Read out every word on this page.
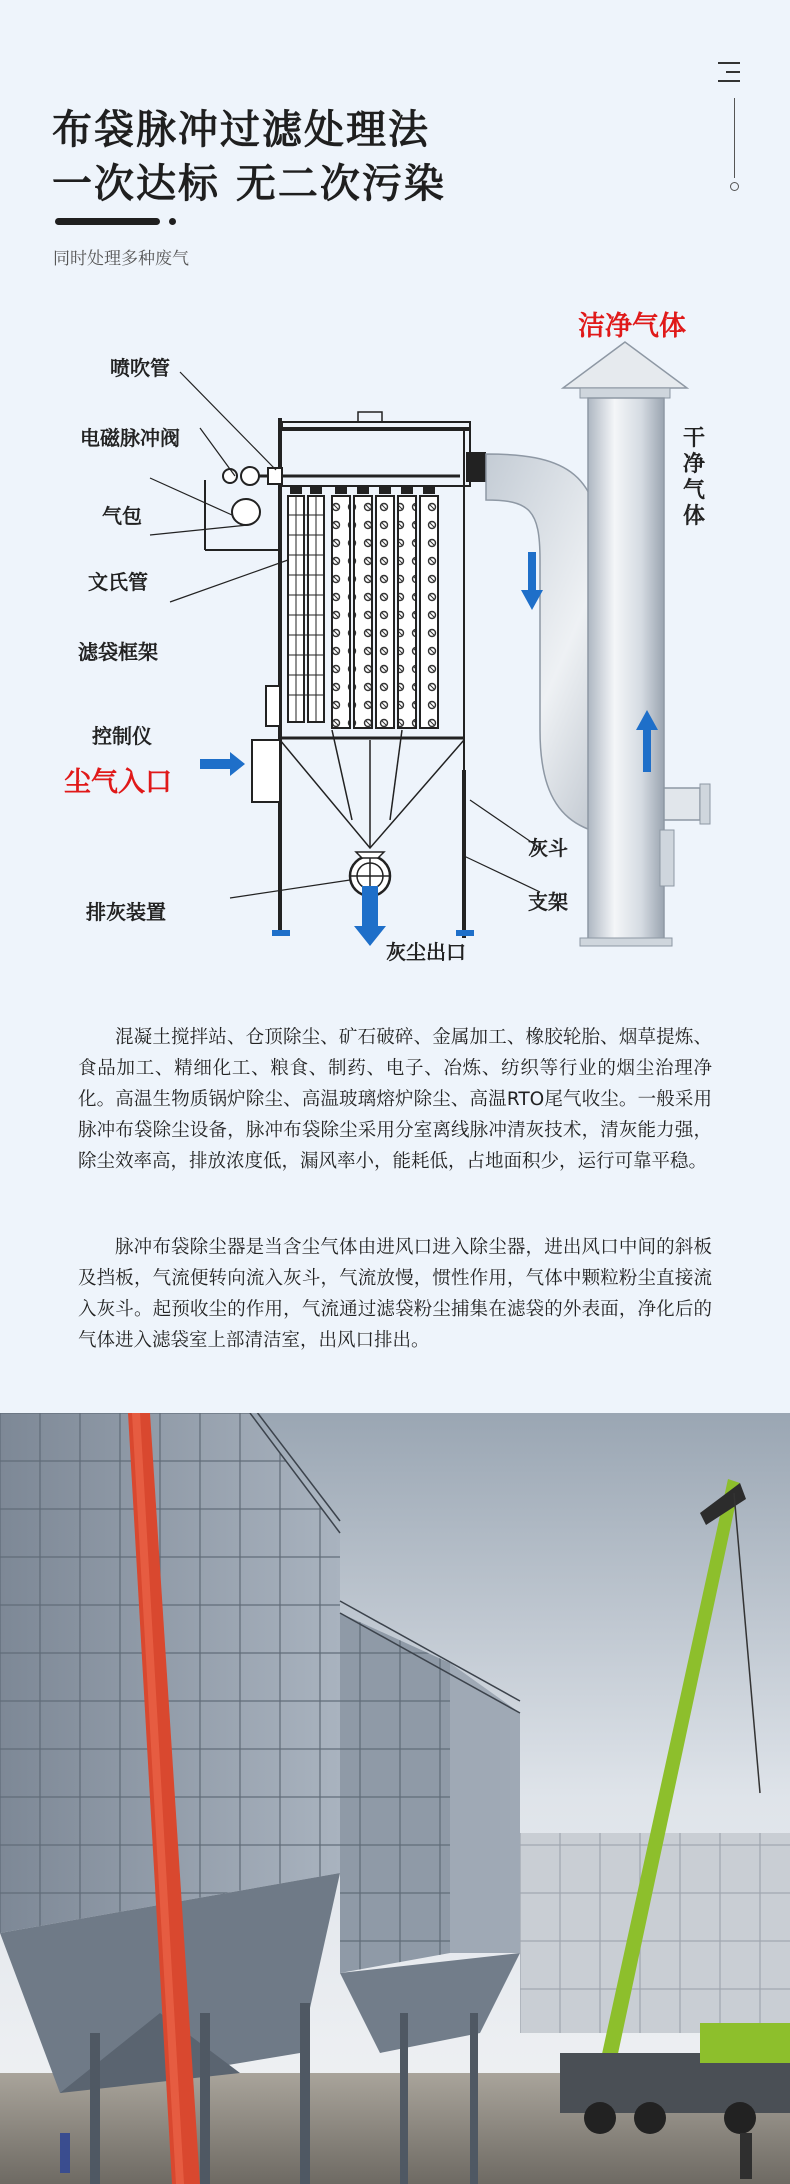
布袋脉冲过滤处理法
一次达标 无二次污染
同时处理多种废气
喷吹管
电磁脉冲阀
气包
文氏管
滤袋框架
控制仪
尘气入口
灰斗
支架
排灰装置
灰尘出口
洁净气体
干净气体
混凝土搅拌站、仓顶除尘、矿石破碎、金属加工、橡胶轮胎、烟草提炼、食品加工、精细化工、粮食、制药、电子、冶炼、纺织等行业的烟尘治理净化。高温生物质锅炉除尘、高温玻璃熔炉除尘、高温RTO尾气收尘。一般采用脉冲布袋除尘设备，脉冲布袋除尘采用分室离线脉冲清灰技术，清灰能力强，除尘效率高，排放浓度低，漏风率小，能耗低，占地面积少，运行可靠平稳。
脉冲布袋除尘器是当含尘气体由进风口进入除尘器，进出风口中间的斜板及挡板，气流便转向流入灰斗，气流放慢，惯性作用，气体中颗粒粉尘直接流入灰斗。起预收尘的作用，气流通过滤袋粉尘捕集在滤袋的外表面，净化后的气体进入滤袋室上部清洁室，出风口排出。
